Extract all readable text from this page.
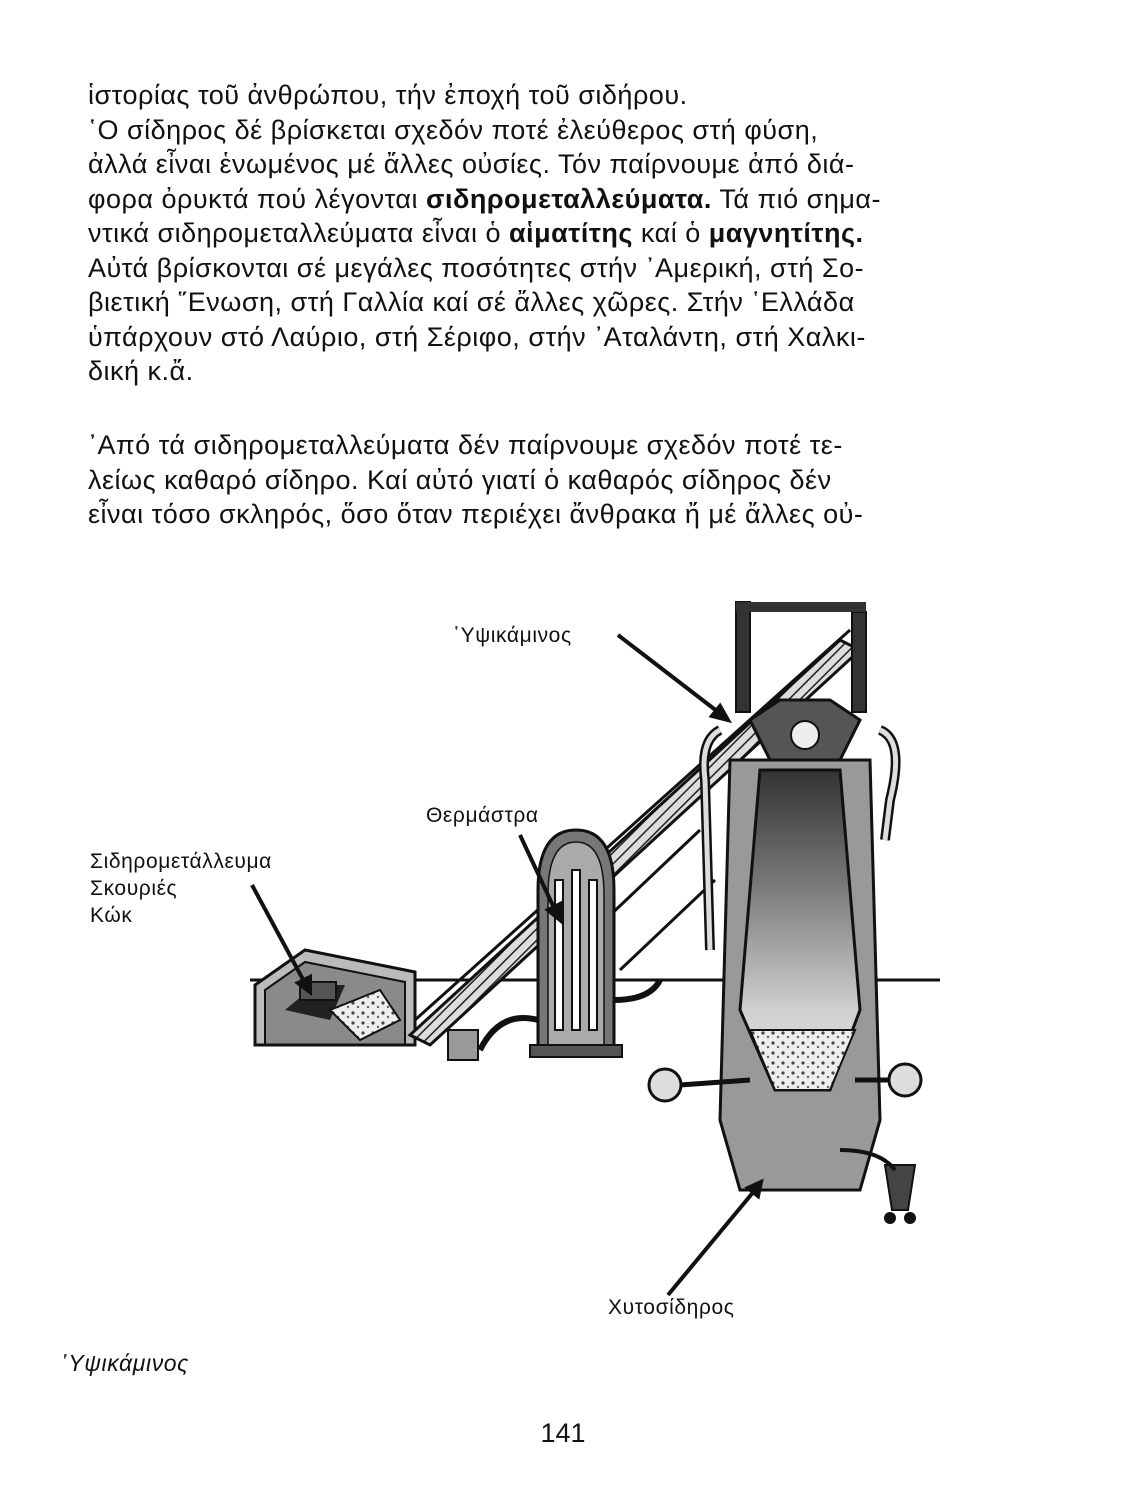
ἱστορίας τοῦ ἀνθρώπου, τήν ἐποχή τοῦ σιδήρου.
῾Ο σίδηρος δέ βρίσκεται σχεδόν ποτέ ἐλεύθερος στή φύση,
ἀλλά εἶναι ἑνωμένος μέ ἄλλες οὐσίες. Τόν παίρνουμε ἀπό διά-
φορα ὀρυκτά πού λέγονται σιδηρομεταλλεύματα. Τά πιό σημα-
ντικά σιδηρομεταλλεύματα εἶναι ὁ αἱματίτης καί ὁ μαγνητίτης.
Αὐτά βρίσκονται σέ μεγάλες ποσότητες στήν ᾿Αμερική, στή Σο-
βιετική ῞Ενωση, στή Γαλλία καί σέ ἄλλες χῶρες. Στήν ῾Ελλάδα
ὑπάρχουν στό Λαύριο, στή Σέριφο, στήν ᾿Αταλάντη, στή Χαλκι-
δική κ.ἄ.
᾿Από τά σιδηρομεταλλεύματα δέν παίρνουμε σχεδόν ποτέ τε-
λείως καθαρό σίδηρο. Καί αὐτό γιατί ὁ καθαρός σίδηρος δέν
εἶναι τόσο σκληρός, ὅσο ὅταν περιέχει ἄνθρακα ἤ μέ ἄλλες οὐ-
῾Υψικάμινος
Θερμάστρα
Σιδηρομετάλλευμα
Σκουριές
Κώκ
Χυτοσίδηρος
῾Υψικάμινος
141
